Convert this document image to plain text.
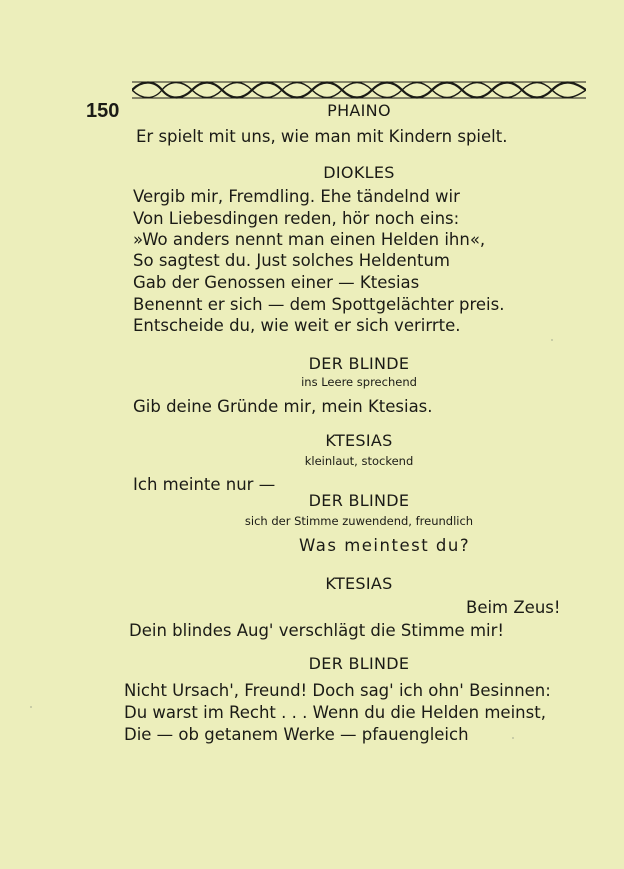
150	PHAINO
Er spielt mit uns, wie man mit Kindern spielt.
DIOKLES
Vergib mir, Fremdling. Ehe tändelnd wir
Von Liebesdingen reden, hör noch eins:
»Wo anders nennt man einen Helden ihn«,
So sagtest du. Just solches Heldentum
Gab der Genossen einer — Ktesias
Benennt er sich — dem Spottgelächter preis.
Entscheide du, wie weit er sich verirrte.
DER BLINDE
ins Leere sprechend
Gib deine Gründe mir, mein Ktesias.
KTESIAS
kleinlaut, stockend
Ich meinte nur —
DER BLINDE
sich der Stimme zuwendend, freundlich
Was meintest du?
KTESIAS
Beim Zeus!
Dein blindes Aug' verschlägt die Stimme mir!
DER BLINDE
Nicht Ursach', Freund! Doch sag' ich ohn' Besinnen:
Du warst im Recht . . . Wenn du die Helden meinst,
Die — ob getanem Werke — pfauengleich
